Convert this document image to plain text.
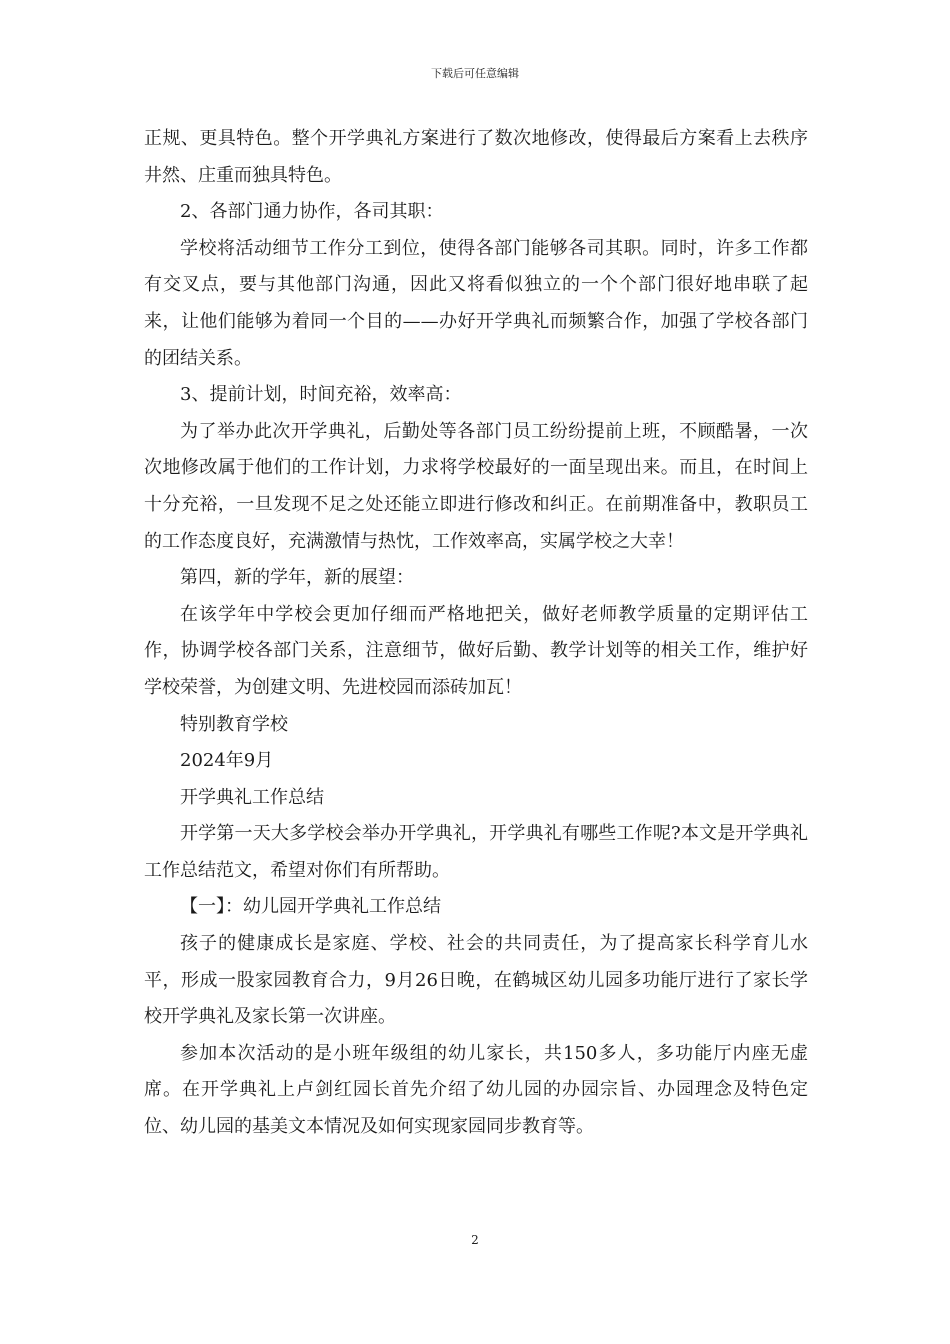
下载后可任意编辑

正规、更具特色。整个开学典礼方案进行了数次地修改，使得最后方案看上去秩序井然、庄重而独具特色。

2、各部门通力协作，各司其职：

学校将活动细节工作分工到位，使得各部门能够各司其职。同时，许多工作都有交叉点，要与其他部门沟通，因此又将看似独立的一个个部门很好地串联了起来，让他们能够为着同一个目的——办好开学典礼而频繁合作，加强了学校各部门的团结关系。

3、提前计划，时间充裕，效率高：

为了举办此次开学典礼，后勤处等各部门员工纷纷提前上班，不顾酷暑，一次次地修改属于他们的工作计划，力求将学校最好的一面呈现出来。而且，在时间上十分充裕，一旦发现不足之处还能立即进行修改和纠正。在前期准备中，教职员工的工作态度良好，充满激情与热忱，工作效率高，实属学校之大幸！

第四，新的学年，新的展望：

在该学年中学校会更加仔细而严格地把关，做好老师教学质量的定期评估工作，协调学校各部门关系，注意细节，做好后勤、教学计划等的相关工作，维护好学校荣誉，为创建文明、先进校园而添砖加瓦！

特别教育学校

2024年9月

开学典礼工作总结

开学第一天大多学校会举办开学典礼，开学典礼有哪些工作呢?本文是开学典礼工作总结范文，希望对你们有所帮助。

【一】：幼儿园开学典礼工作总结

孩子的健康成长是家庭、学校、社会的共同责任，为了提高家长科学育儿水平，形成一股家园教育合力，9月26日晚，在鹤城区幼儿园多功能厅进行了家长学校开学典礼及家长第一次讲座。

参加本次活动的是小班年级组的幼儿家长，共150多人，多功能厅内座无虚席。在开学典礼上卢剑红园长首先介绍了幼儿园的办园宗旨、办园理念及特色定位、幼儿园的基美文本情况及如何实现家园同步教育等。

2
